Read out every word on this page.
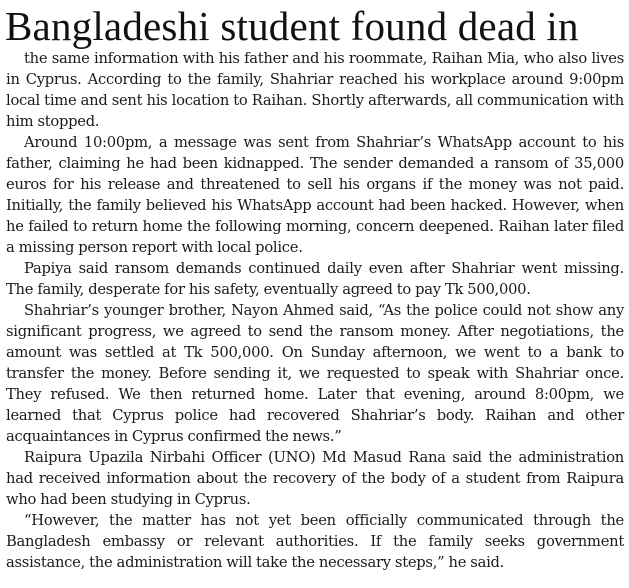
Bangladeshi student found dead in

the same information with his father and his roommate, Raihan Mia, who also lives in Cyprus. According to the family, Shahriar reached his workplace around 9:00pm local time and sent his location to Raihan. Shortly afterwards, all communication with him stopped.

Around 10:00pm, a message was sent from Shahriar’s WhatsApp account to his father, claiming he had been kidnapped. The sender demanded a ransom of 35,000 euros for his release and threatened to sell his organs if the money was not paid. Initially, the family believed his WhatsApp account had been hacked. However, when he failed to return home the following morning, concern deepened. Raihan later filed a missing person report with local police.

Papiya said ransom demands continued daily even after Shahriar went missing. The family, desperate for his safety, eventually agreed to pay Tk 500,000.

Shahriar’s younger brother, Nayon Ahmed said, “As the police could not show any significant progress, we agreed to send the ransom money. After negotiations, the amount was settled at Tk 500,000. On Sunday afternoon, we went to a bank to transfer the money. Before sending it, we requested to speak with Shahriar once. They refused. We then returned home. Later that evening, around 8:00pm, we learned that Cyprus police had recovered Shahriar’s body. Raihan and other acquaintances in Cyprus confirmed the news.”

Raipura Upazila Nirbahi Officer (UNO) Md Masud Rana said the administration had received information about the recovery of the body of a student from Raipura who had been studying in Cyprus.

“However, the matter has not yet been officially communicated through the Bangladesh embassy or relevant authorities. If the family seeks government assistance, the administration will take the necessary steps,” he said.
